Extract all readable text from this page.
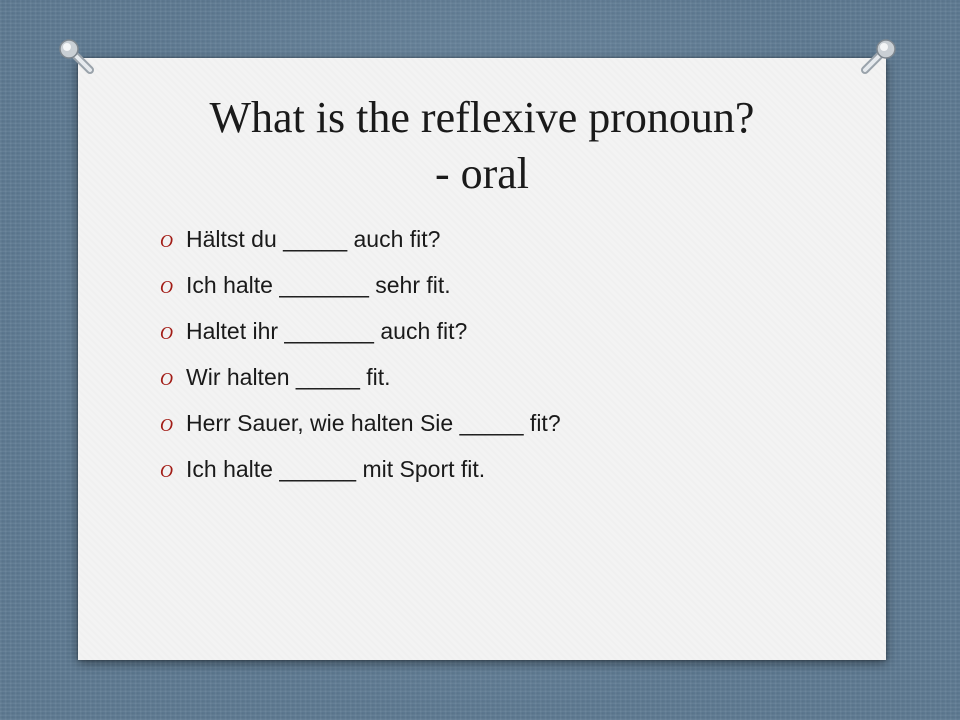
What is the reflexive pronoun?
- oral
O Hältst du _____ auch fit?
O Ich halte _______ sehr fit.
O Haltet ihr _______ auch fit?
O Wir halten _____ fit.
O Herr Sauer, wie halten Sie _____ fit?
O Ich halte ______ mit Sport fit.
